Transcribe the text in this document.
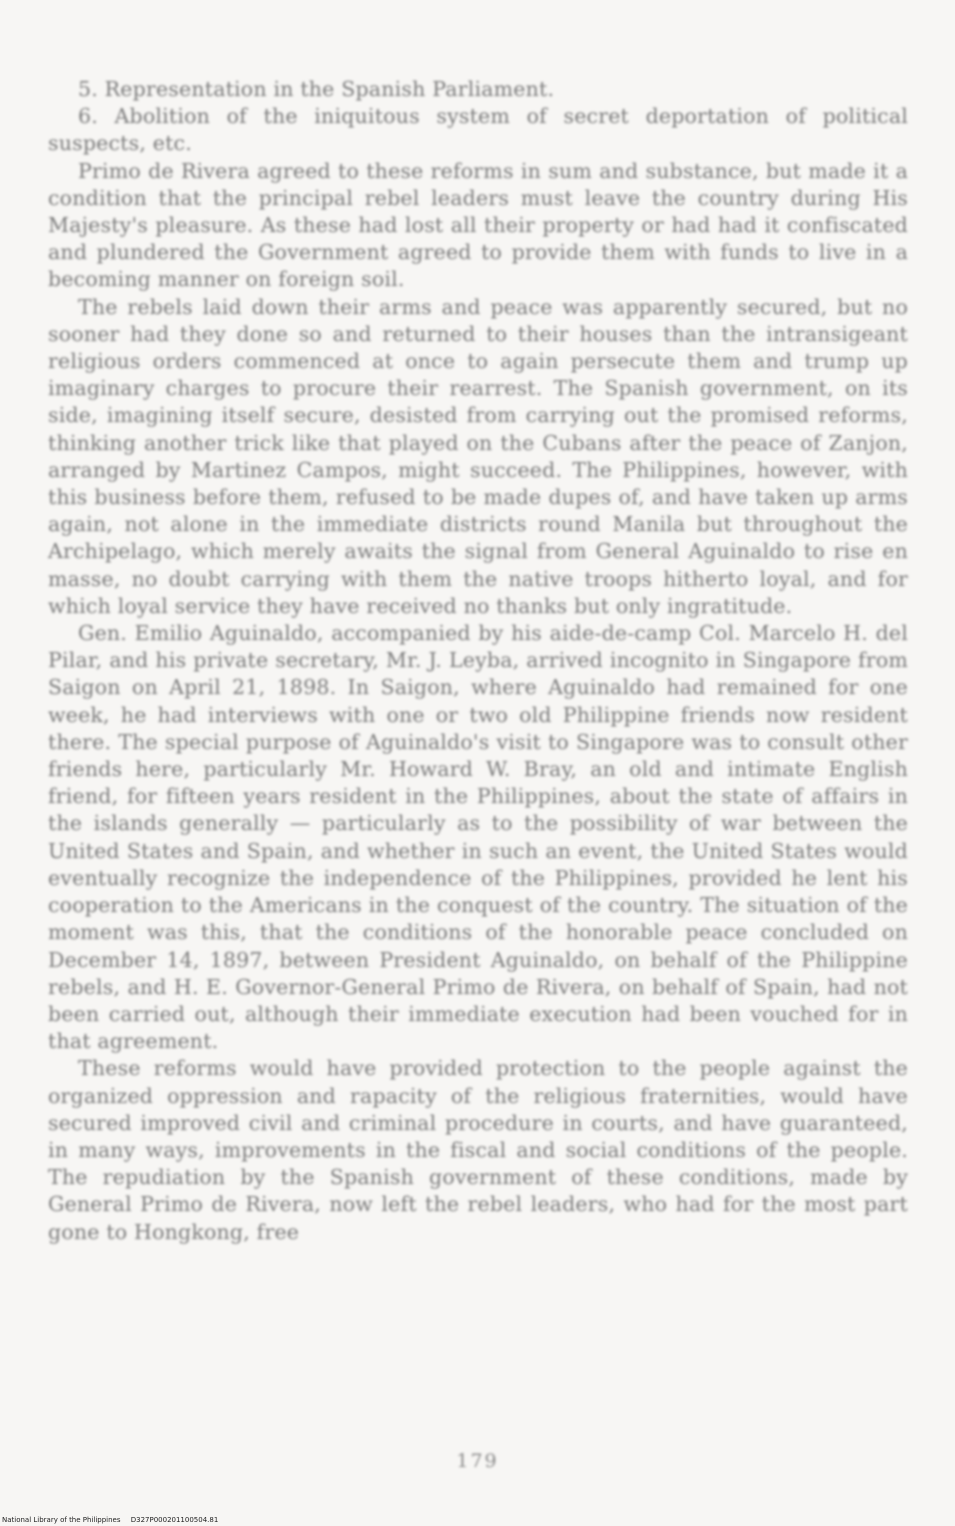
5. Representation in the Spanish Parliament.

6. Abolition of the iniquitous system of secret deportation of political suspects, etc.

Primo de Rivera agreed to these reforms in sum and substance, but made it a condition that the principal rebel leaders must leave the country during His Majesty's pleasure. As these had lost all their property or had had it confiscated and plundered the Government agreed to provide them with funds to live in a becoming manner on foreign soil.

The rebels laid down their arms and peace was apparently secured, but no sooner had they done so and returned to their houses than the intransigeant religious orders commenced at once to again persecute them and trump up imaginary charges to procure their rearrest. The Spanish government, on its side, imagining itself secure, desisted from carrying out the promised reforms, thinking another trick like that played on the Cubans after the peace of Zanjon, arranged by Martinez Campos, might succeed. The Philippines, however, with this business before them, refused to be made dupes of, and have taken up arms again, not alone in the immediate districts round Manila but throughout the Archipelago, which merely awaits the signal from General Aguinaldo to rise en masse, no doubt carrying with them the native troops hitherto loyal, and for which loyal service they have received no thanks but only ingratitude.

Gen. Emilio Aguinaldo, accompanied by his aide-de-camp Col. Marcelo H. del Pilar, and his private secretary, Mr. J. Leyba, arrived incognito in Singapore from Saigon on April 21, 1898. In Saigon, where Aguinaldo had remained for one week, he had interviews with one or two old Philippine friends now resident there. The special purpose of Aguinaldo's visit to Singapore was to consult other friends here, particularly Mr. Howard W. Bray, an old and intimate English friend, for fifteen years resident in the Philippines, about the state of affairs in the islands generally — particularly as to the possibility of war between the United States and Spain, and whether in such an event, the United States would eventually recognize the independence of the Philippines, provided he lent his cooperation to the Americans in the conquest of the country. The situation of the moment was this, that the conditions of the honorable peace concluded on December 14, 1897, between President Aguinaldo, on behalf of the Philippine rebels, and H. E. Governor-General Primo de Rivera, on behalf of Spain, had not been carried out, although their immediate execution had been vouched for in that agreement.

These reforms would have provided protection to the people against the organized oppression and rapacity of the religious fraternities, would have secured improved civil and criminal procedure in courts, and have guaranteed, in many ways, improvements in the fiscal and social conditions of the people. The repudiation by the Spanish government of these conditions, made by General Primo de Rivera, now left the rebel leaders, who had for the most part gone to Hongkong, free

179
National Library of the Philippines D327P000201100504.81
